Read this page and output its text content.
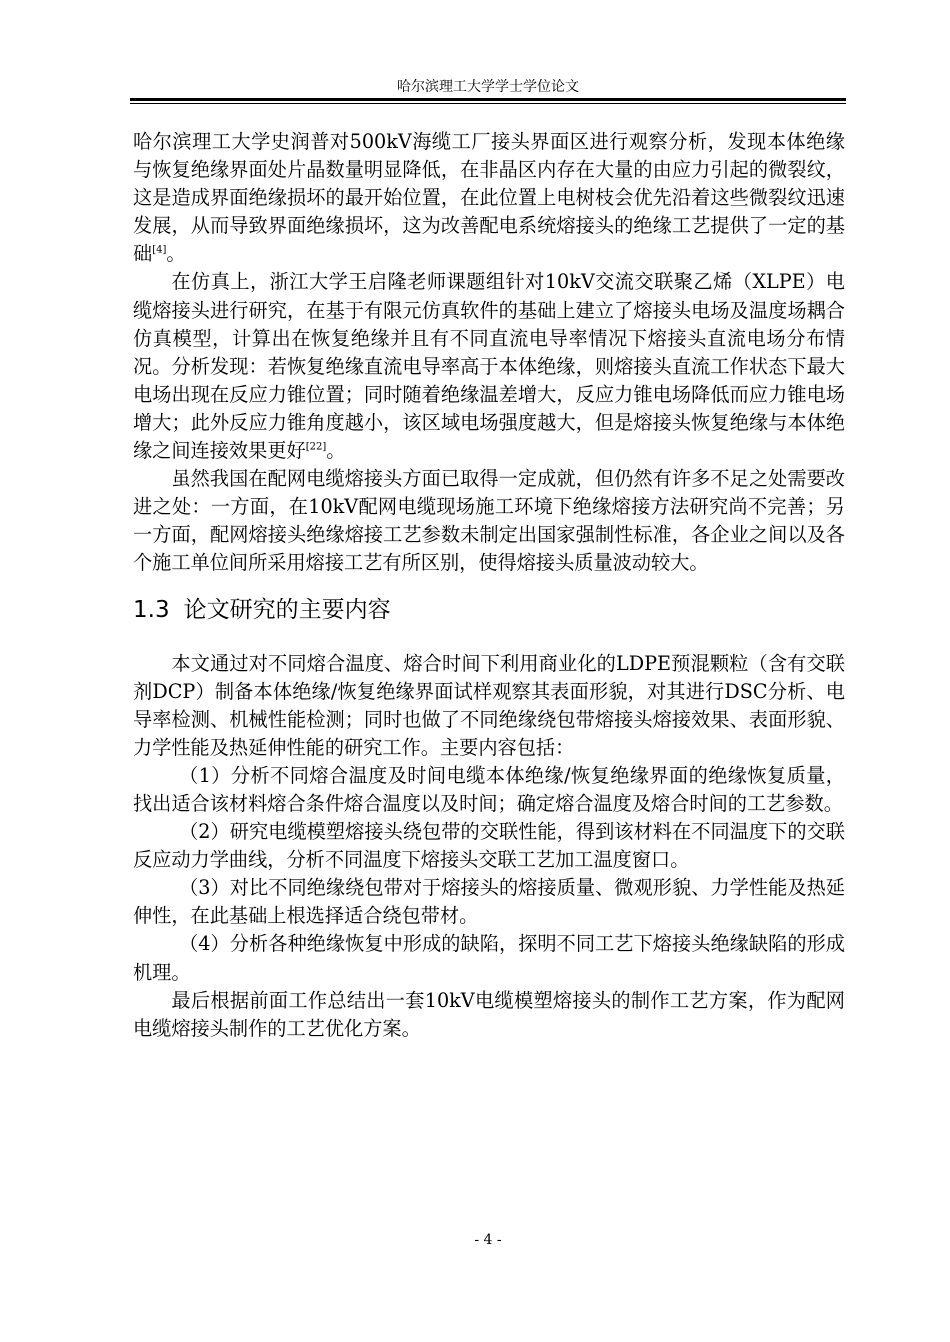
哈尔滨理工大学学士学位论文

哈尔滨理工大学史润普对500kV海缆工厂接头界面区进行观察分析，发现本体绝缘与恢复绝缘界面处片晶数量明显降低，在非晶区内存在大量的由应力引起的微裂纹，这是造成界面绝缘损坏的最开始位置，在此位置上电树枝会优先沿着这些微裂纹迅速发展，从而导致界面绝缘损坏，这为改善配电系统熔接头的绝缘工艺提供了一定的基础[4]。

在仿真上，浙江大学王启隆老师课题组针对10kV交流交联聚乙烯（XLPE）电缆熔接头进行研究，在基于有限元仿真软件的基础上建立了熔接头电场及温度场耦合仿真模型，计算出在恢复绝缘并且有不同直流电导率情况下熔接头直流电场分布情况。分析发现：若恢复绝缘直流电导率高于本体绝缘，则熔接头直流工作状态下最大电场出现在反应力锥位置；同时随着绝缘温差增大，反应力锥电场降低而应力锥电场增大；此外反应力锥角度越小，该区域电场强度越大，但是熔接头恢复绝缘与本体绝缘之间连接效果更好[22]。

虽然我国在配网电缆熔接头方面已取得一定成就，但仍然有许多不足之处需要改进之处：一方面，在10kV配网电缆现场施工环境下绝缘熔接方法研究尚不完善；另一方面，配网熔接头绝缘熔接工艺参数未制定出国家强制性标准，各企业之间以及各个施工单位间所采用熔接工艺有所区别，使得熔接头质量波动较大。

1.3 论文研究的主要内容

本文通过对不同熔合温度、熔合时间下利用商业化的LDPE预混颗粒（含有交联剂DCP）制备本体绝缘/恢复绝缘界面试样观察其表面形貌，对其进行DSC分析、电导率检测、机械性能检测；同时也做了不同绝缘绕包带熔接头熔接效果、表面形貌、力学性能及热延伸性能的研究工作。主要内容包括：

（1）分析不同熔合温度及时间电缆本体绝缘/恢复绝缘界面的绝缘恢复质量，找出适合该材料熔合条件熔合温度以及时间；确定熔合温度及熔合时间的工艺参数。

（2）研究电缆模塑熔接头绕包带的交联性能，得到该材料在不同温度下的交联反应动力学曲线，分析不同温度下熔接头交联工艺加工温度窗口。

（3）对比不同绝缘绕包带对于熔接头的熔接质量、微观形貌、力学性能及热延伸性，在此基础上根选择适合绕包带材。

（4）分析各种绝缘恢复中形成的缺陷，探明不同工艺下熔接头绝缘缺陷的形成机理。

最后根据前面工作总结出一套10kV电缆模塑熔接头的制作工艺方案，作为配网电缆熔接头制作的工艺优化方案。

- 4 -
